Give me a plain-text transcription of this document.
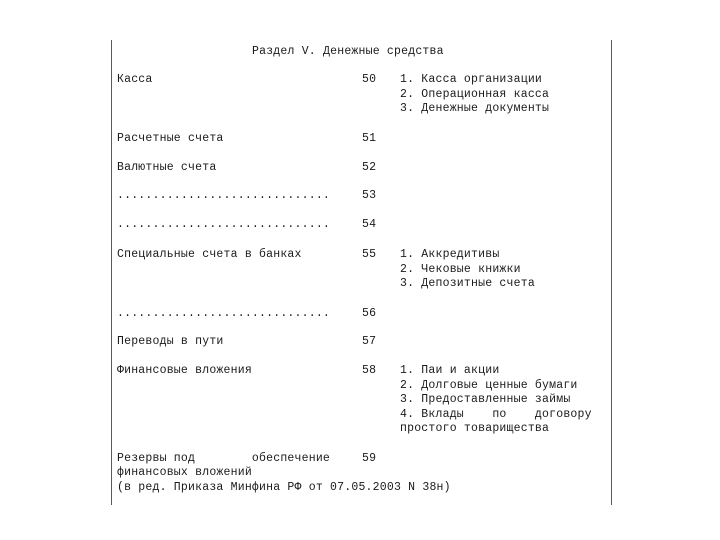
Раздел V. Денежные средства
Касса	50 1. Касса организации
2. Операционная касса
3. Денежные документы
Расчетные счета	51
Валютные счета	52
..............................	53
..............................	54
Специальные счета в банках	55 1. Аккредитивы
2. Чековые книжки
3. Депозитные счета
..............................	56
Переводы в пути	57
Финансовые вложения	58 1. Паи и акции
2. Долговые ценные бумаги
3. Предоставленные займы
4. Вклады    по    договору
простого товарищества
Резервы под        обеспечение	59
финансовых вложений
(в ред. Приказа Минфина РФ от 07.05.2003 N 38н)
